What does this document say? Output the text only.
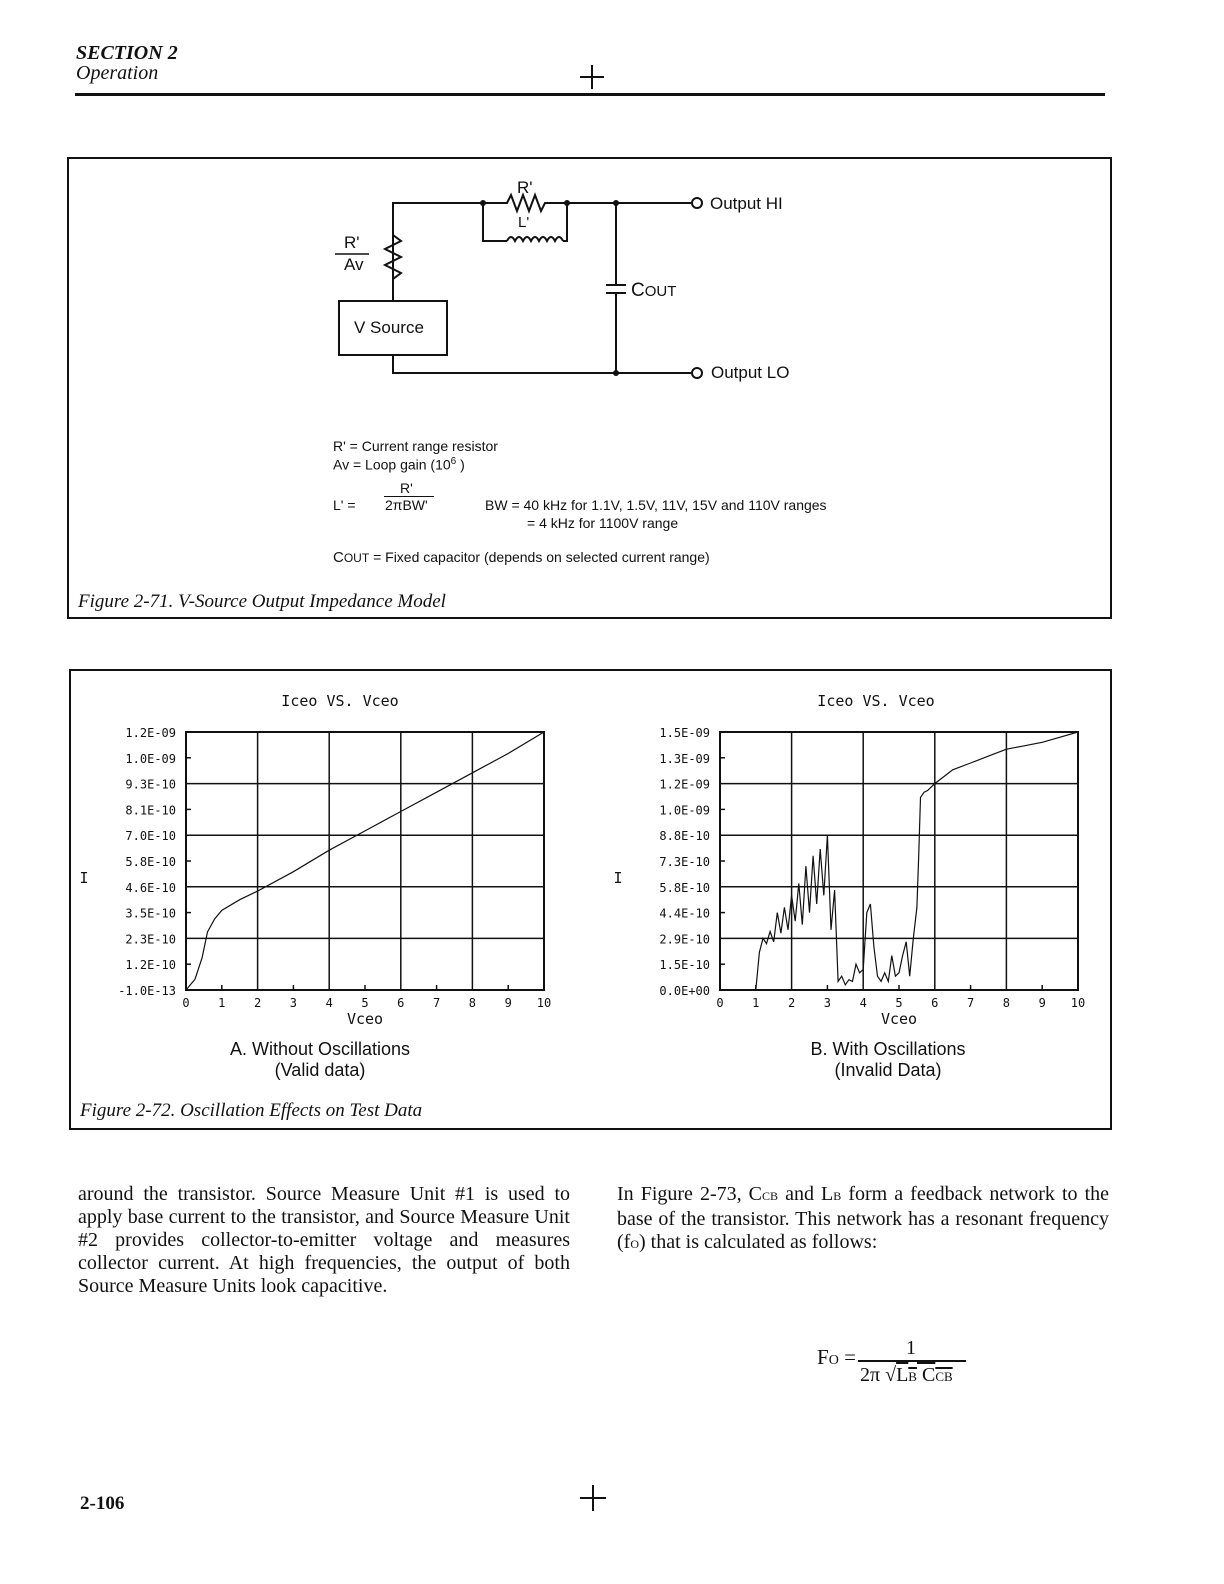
SECTION 2
Operation
R'
L'
R'
Av
V Source
COUT
Output HI
Output LO
R' = Current range resistor
Av = Loop gain ($10^6$ )
L' =
R'
2πBW'	BW = 40 kHz for 1.1V, 1.5V, 11V, 15V and 110V ranges
= 4 kHz for 1100V range
COUT = Fixed capacitor (depends on selected current range)
Figure 2-71. V-Source Output Impedance Model
Iceo VS. Vceo
1.2E-09
1.0E-09
9.3E-10
8.1E-10
7.0E-10
5.8E-10
4.6E-10
3.5E-10
2.3E-10
1.2E-10
-1.0E-13
0 1 2 3 4 5 6 7 8 9 10
Vceo
I
Iceo VS. Vceo
1.5E-09
1.3E-09
1.2E-09
1.0E-09
8.8E-10
7.3E-10
5.8E-10
4.4E-10
2.9E-10
1.5E-10
0.0E+00
0 1 2 3 4 5 6 7 8 9 10
Vceo
I
A. Without Oscillations
(Valid data)
B. With Oscillations
(Invalid Data)
Figure 2-72. Oscillation Effects on Test Data
around the transistor. Source Measure Unit #1 is used to apply base current to the transistor, and Source Measure Unit #2 provides collector-to-emitter voltage and measures collector current. At high frequencies, the output of both Source Measure Units look capacitive.
In Figure 2-73, CCB and LB form a feedback network to the base of the transistor. This network has a resonant frequency (fO) that is calculated as follows:
FO =	1
2π √LB CCB
2-106
